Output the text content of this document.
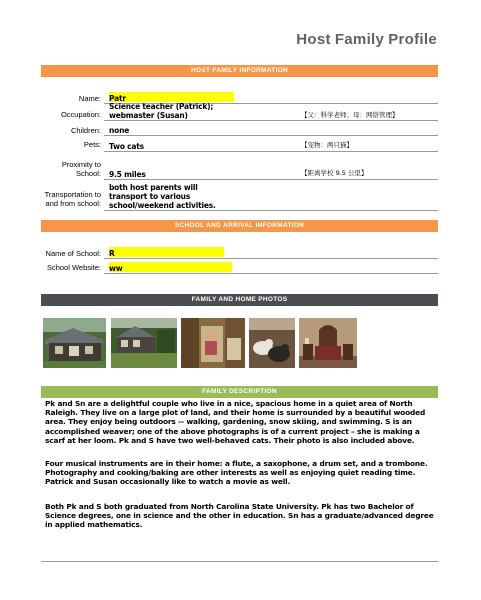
Host Family Profile
HOST FAMILY INFORMATION
Name: Patr
Occupation:
Science teacher (Patrick);
webmaster (Susan)	【父：科学老师；母：网络管理】
Children: none
Pets: Two cats	【宠物：两只猫】
Proximity to
School: 9.5 miles	【距离学校 9.5 公里】
Transportation to
and from school:
both host parents will
transport to various
school/weekend activities.
SCHOOL AND ARRIVAL INFORMATION
Name of School: R
School Website: ww
FAMILY AND HOME PHOTOS
FAMILY DESCRIPTION
Pk and Sn are a delightful couple who live in a nice, spacious home in a quiet area of North
Raleigh. They live on a large plot of land, and their home is surrounded by a beautiful wooded
area. They enjoy being outdoors -- walking, gardening, snow skiing, and swimming. S is an
accomplished weaver; one of the above photographs is of a current project – she is making a
scarf at her loom. Pk and S have two well-behaved cats. Their photo is also included above.
Four musical instruments are in their home: a flute, a saxophone, a drum set, and a trombone.
Photography and cooking/baking are other interests as well as enjoying quiet reading time.
Patrick and Susan occasionally like to watch a movie as well.
Both Pk and S both graduated from North Carolina State University. Pk has two Bachelor of
Science degrees, one in science and the other in education. Sn has a graduate/advanced degree
in applied mathematics.
